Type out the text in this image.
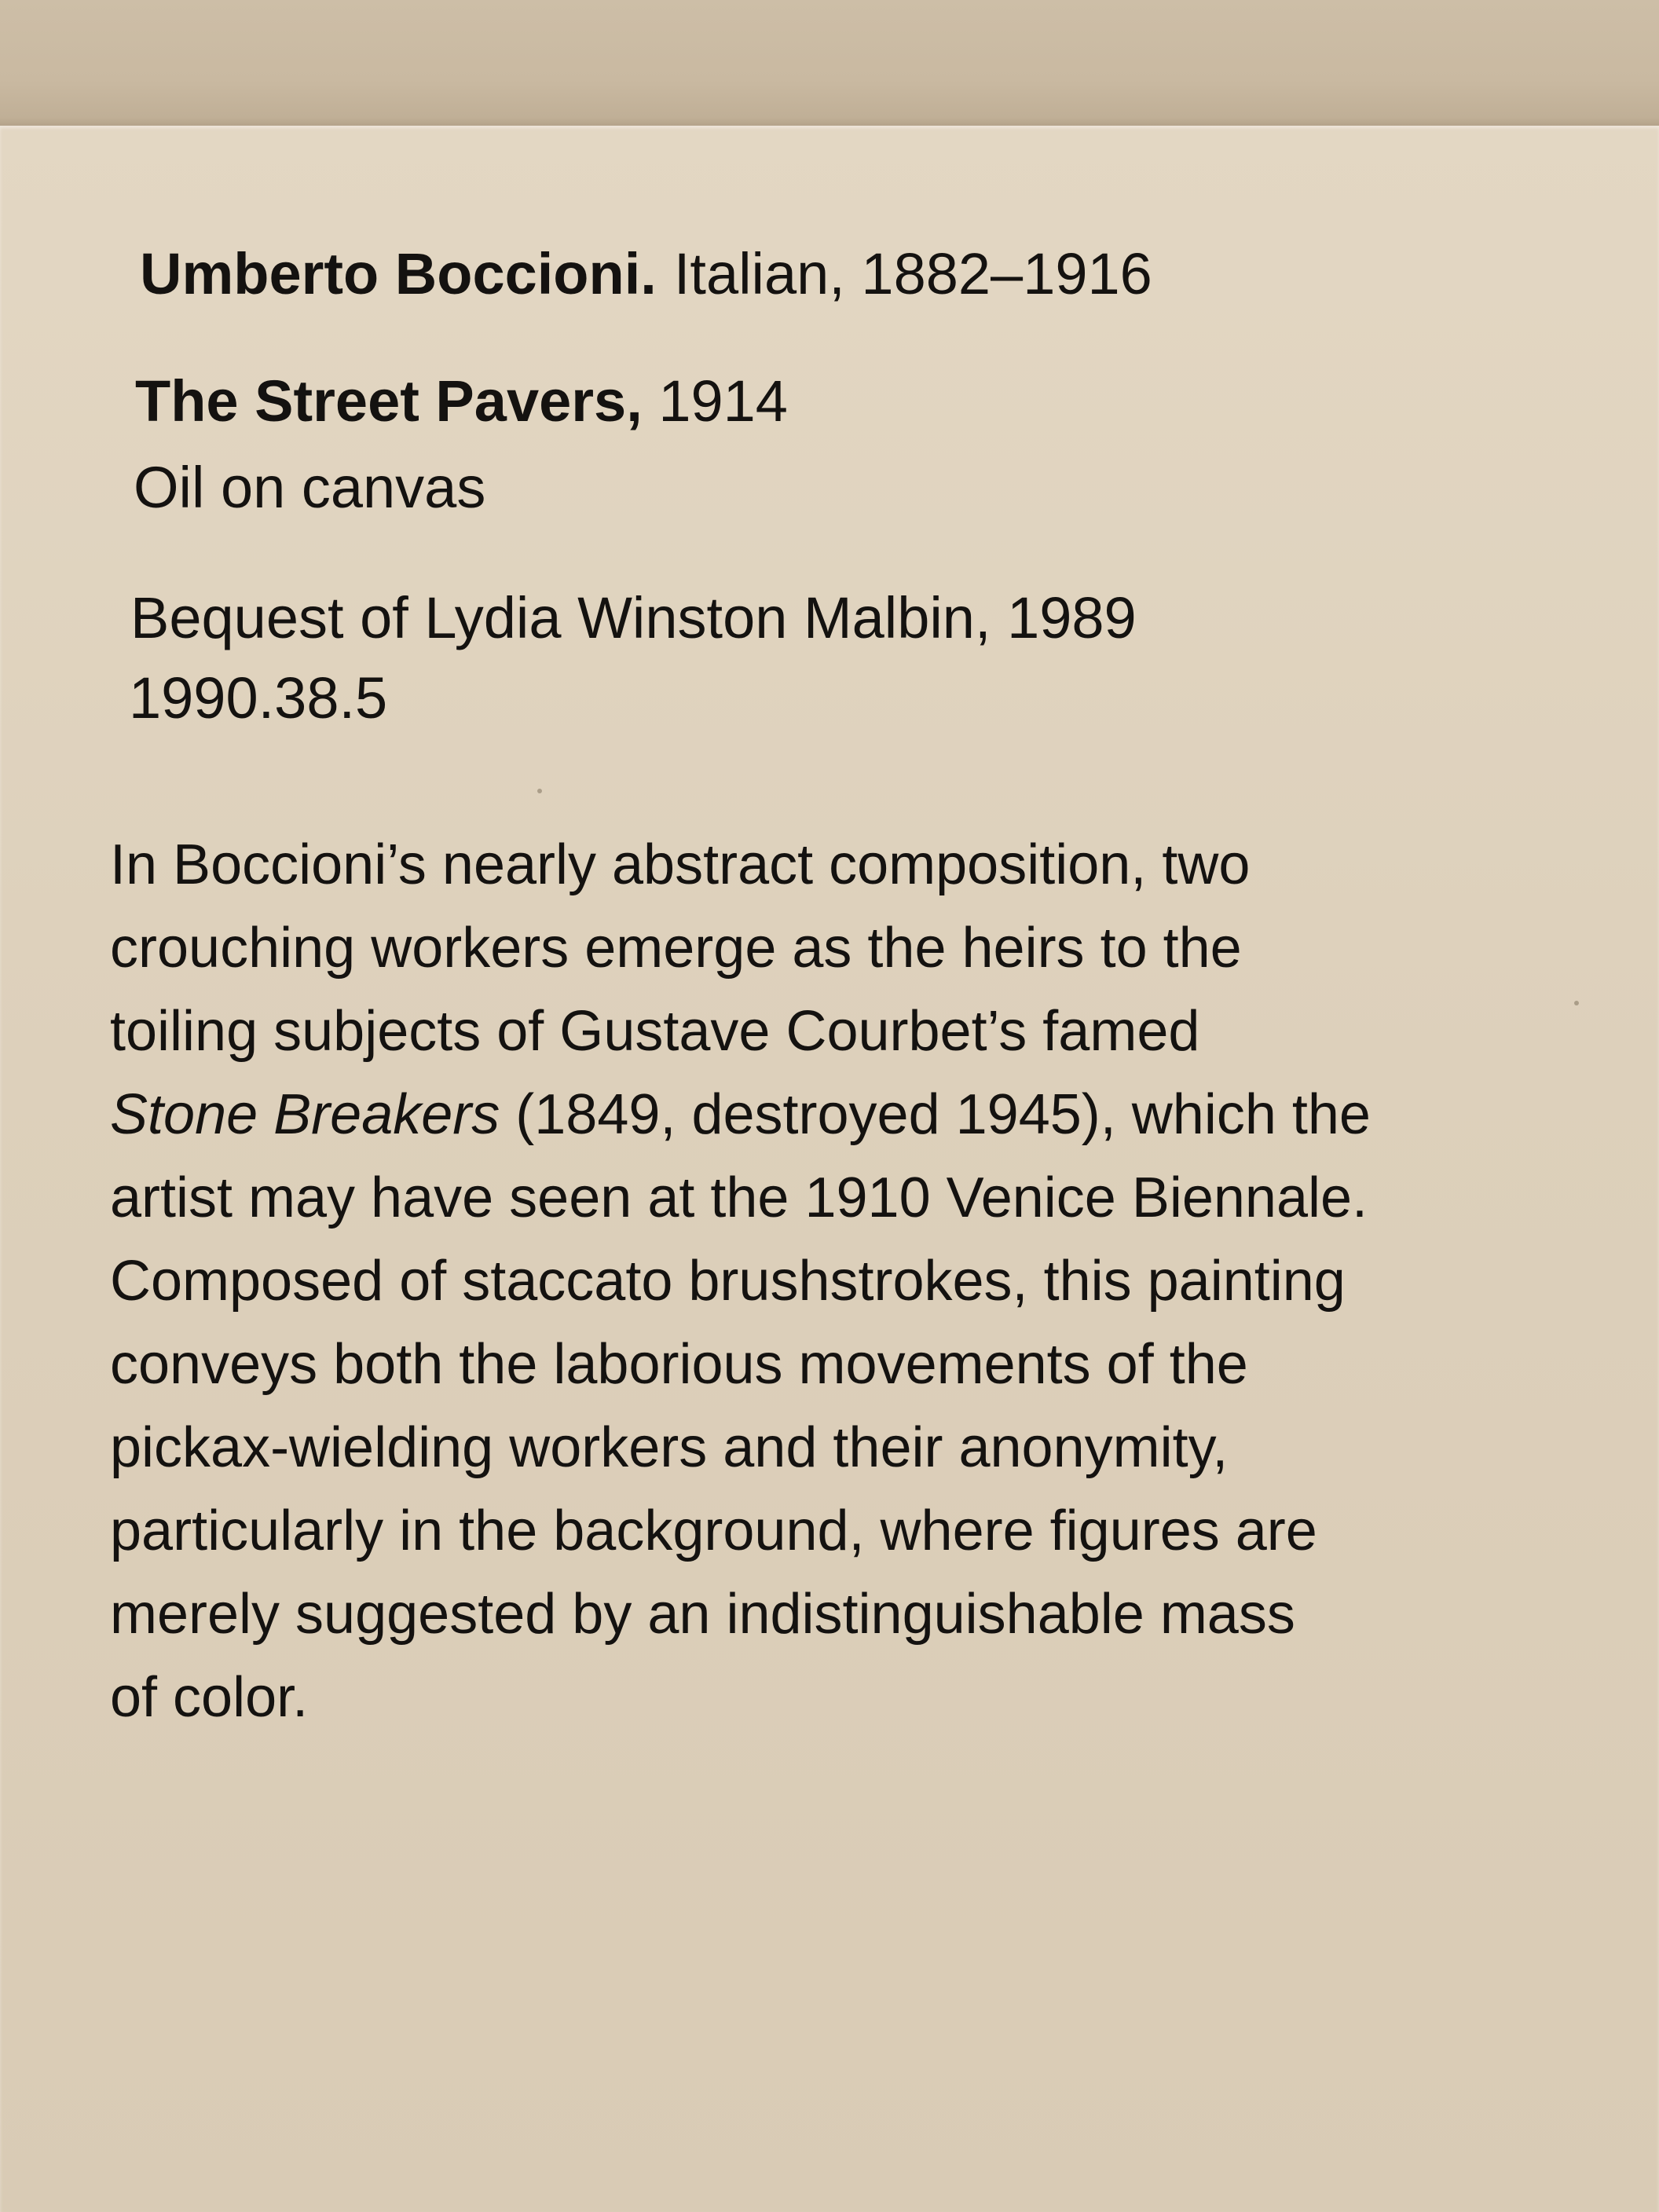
Umberto Boccioni. Italian, 1882–1916
The Street Pavers, 1914
Oil on canvas
Bequest of Lydia Winston Malbin, 1989
1990.38.5
In Boccioni’s nearly abstract composition, two
crouching workers emerge as the heirs to the
toiling subjects of Gustave Courbet’s famed
Stone Breakers (1849, destroyed 1945), which the
artist may have seen at the 1910 Venice Biennale.
Composed of staccato brushstrokes, this painting
conveys both the laborious movements of the
pickax-wielding workers and their anonymity,
particularly in the background, where figures are
merely suggested by an indistinguishable mass
of color.
